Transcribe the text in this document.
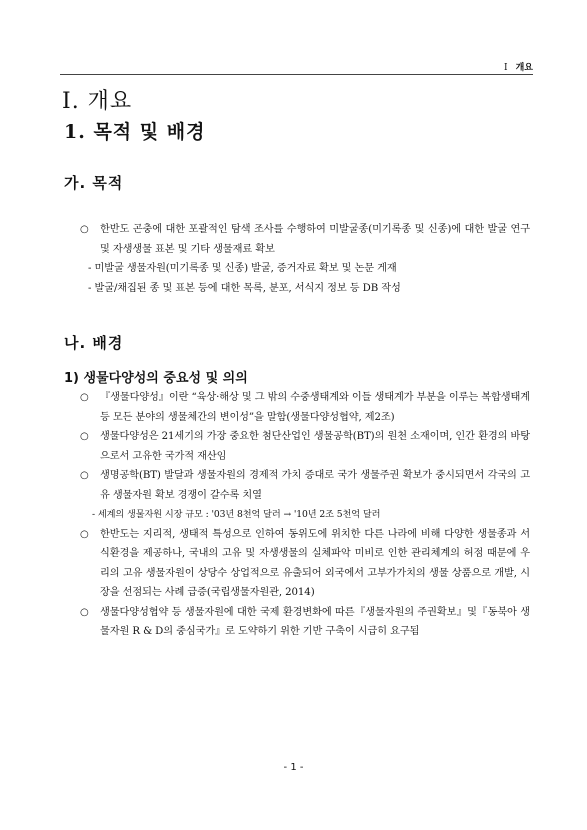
Ⅰ 개요
Ⅰ. 개요
1. 목적 및 배경
가. 목적
○ 한반도 곤충에 대한 포괄적인 탐색 조사를 수행하여 미발굴종(미기록종 및 신종)에 대한 발굴 연구 및 자생생물 표본 및 기타 생물재료 확보
- 미발굴 생물자원(미기록종 및 신종) 발굴, 증거자료 확보 및 논문 게재
- 발굴/채집된 종 및 표본 등에 대한 목록, 분포, 서식지 정보 등 DB 작성
나. 배경
1) 생물다양성의 중요성 및 의의
○ 『생물다양성』이란 “육상·해상 및 그 밖의 수중생태계와 이들 생태계가 부분을 이루는 복합생태계 등 모든 분야의 생물체간의 변이성”을 말함(생물다양성협약, 제2조)
○ 생물다양성은 21세기의 가장 중요한 첨단산업인 생물공학(BT)의 원천 소재이며, 인간 환경의 바탕으로서 고유한 국가적 재산임
○ 생명공학(BT) 발달과 생물자원의 경제적 가치 증대로 국가 생물주권 확보가 중시되면서 각국의 고유 생물자원 확보 경쟁이 갈수록 치열
- 세계의 생물자원 시장 규모 : '03년 8천억 달러 → '10년 2조 5천억 달러
○ 한반도는 지리적, 생태적 특성으로 인하여 동위도에 위치한 다른 나라에 비해 다양한 생물종과 서식환경을 제공하나, 국내의 고유 및 자생생물의 실체파악 미비로 인한 관리체계의 허점 때문에 우리의 고유 생물자원이 상당수 상업적으로 유출되어 외국에서 고부가가치의 생물 상품으로 개발, 시장을 선점되는 사례 급증(국립생물자원관, 2014)
○ 생물다양성협약 등 생물자원에 대한 국제 환경변화에 따른『생물자원의 주권확보』및『동북아 생물자원 R & D의 중심국가』로 도약하기 위한 기반 구축이 시급히 요구됨
- 1 -
